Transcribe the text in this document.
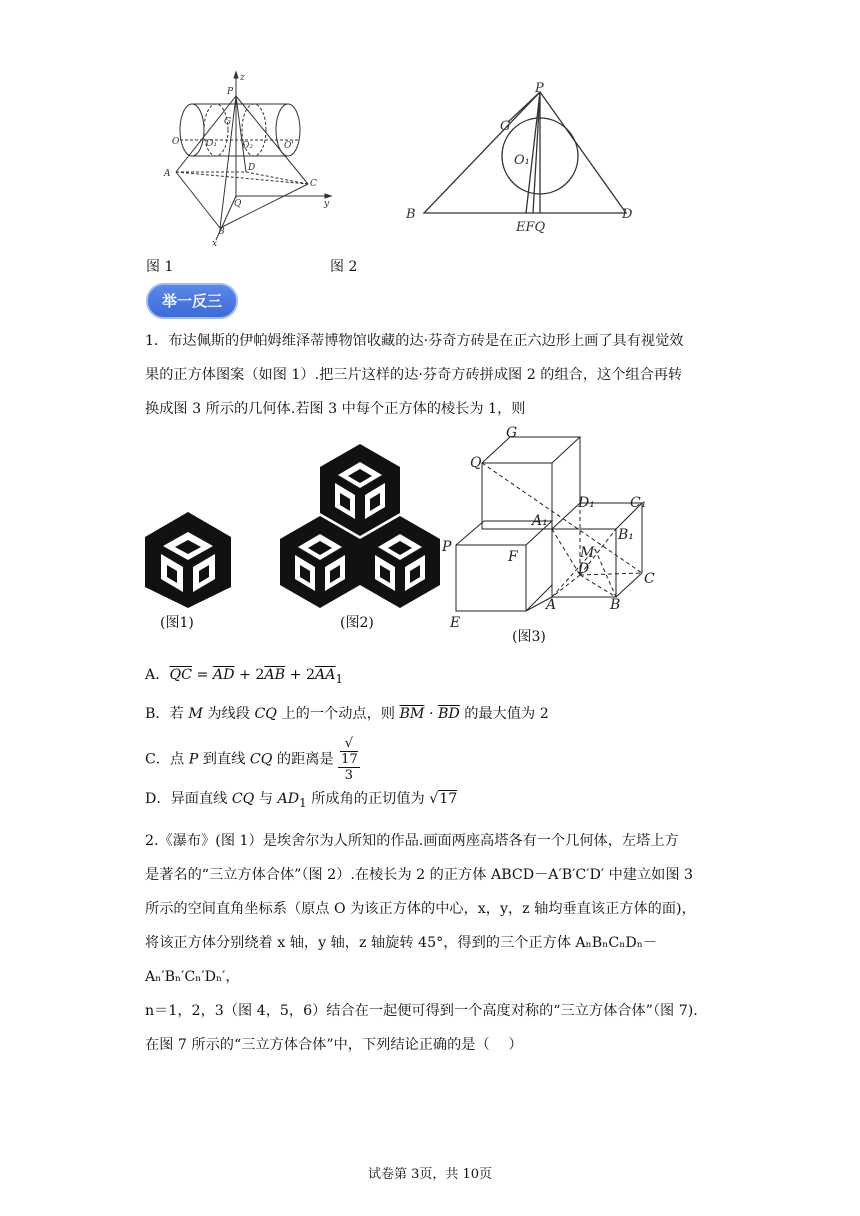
z
P
G
O	O₁	O₂	O'
A
D
C
Q
B
y
x
P
G
O₁
B	D
EFQ
图 1	图 2
举一反三

1．布达佩斯的伊帕姆维泽蒂博物馆收藏的达·芬奇方砖是在正六边形上画了具有视觉效

果的正方体图案（如图 1）.把三片这样的达·芬奇方砖拼成图 2 的组合，这个组合再转

换成图 3 所示的几何体.若图 3 中每个正方体的棱长为 1，则

(图1)	(图2)
G
Q
D₁	C₁
A₁
B₁
M
P
F
D
C
A	B
E
(图3)
A．$\overline{QC} = \overline{AD} + 2\overline{AB} + 2\overline{AA}_1$
B．若 M 为线段 CQ 上的一个动点，则 $\overline{BM} \cdot \overline{BD}$ 的最大值为 2
C．点 P 到直线 CQ 的距离是 √
17
3
D．异面直线 CQ 与 $AD_1$ 所成角的正切值为 √17

2.《瀑布》(图 1）是埃舍尔为人所知的作品.画面两座高塔各有一个几何体，左塔上方

是著名的“三立方体合体”（图 2）.在棱长为 2 的正方体 ABCD－A′B′C′D′ 中建立如图 3

所示的空间直角坐标系（原点 O 为该正方体的中心，x，y，z 轴均垂直该正方体的面)，

将该正方体分别绕着 x 轴，y 轴，z 轴旋转 45°，得到的三个正方体 AₙBₙCₙDₙ－Aₙ′Bₙ′Cₙ′Dₙ′，

n＝1，2，3（图 4，5，6）结合在一起便可得到一个高度对称的“三立方体合体”（图 7).

在图 7 所示的“三立方体合体”中，下列结论正确的是（　 ）

试卷第 3页，共 10页
